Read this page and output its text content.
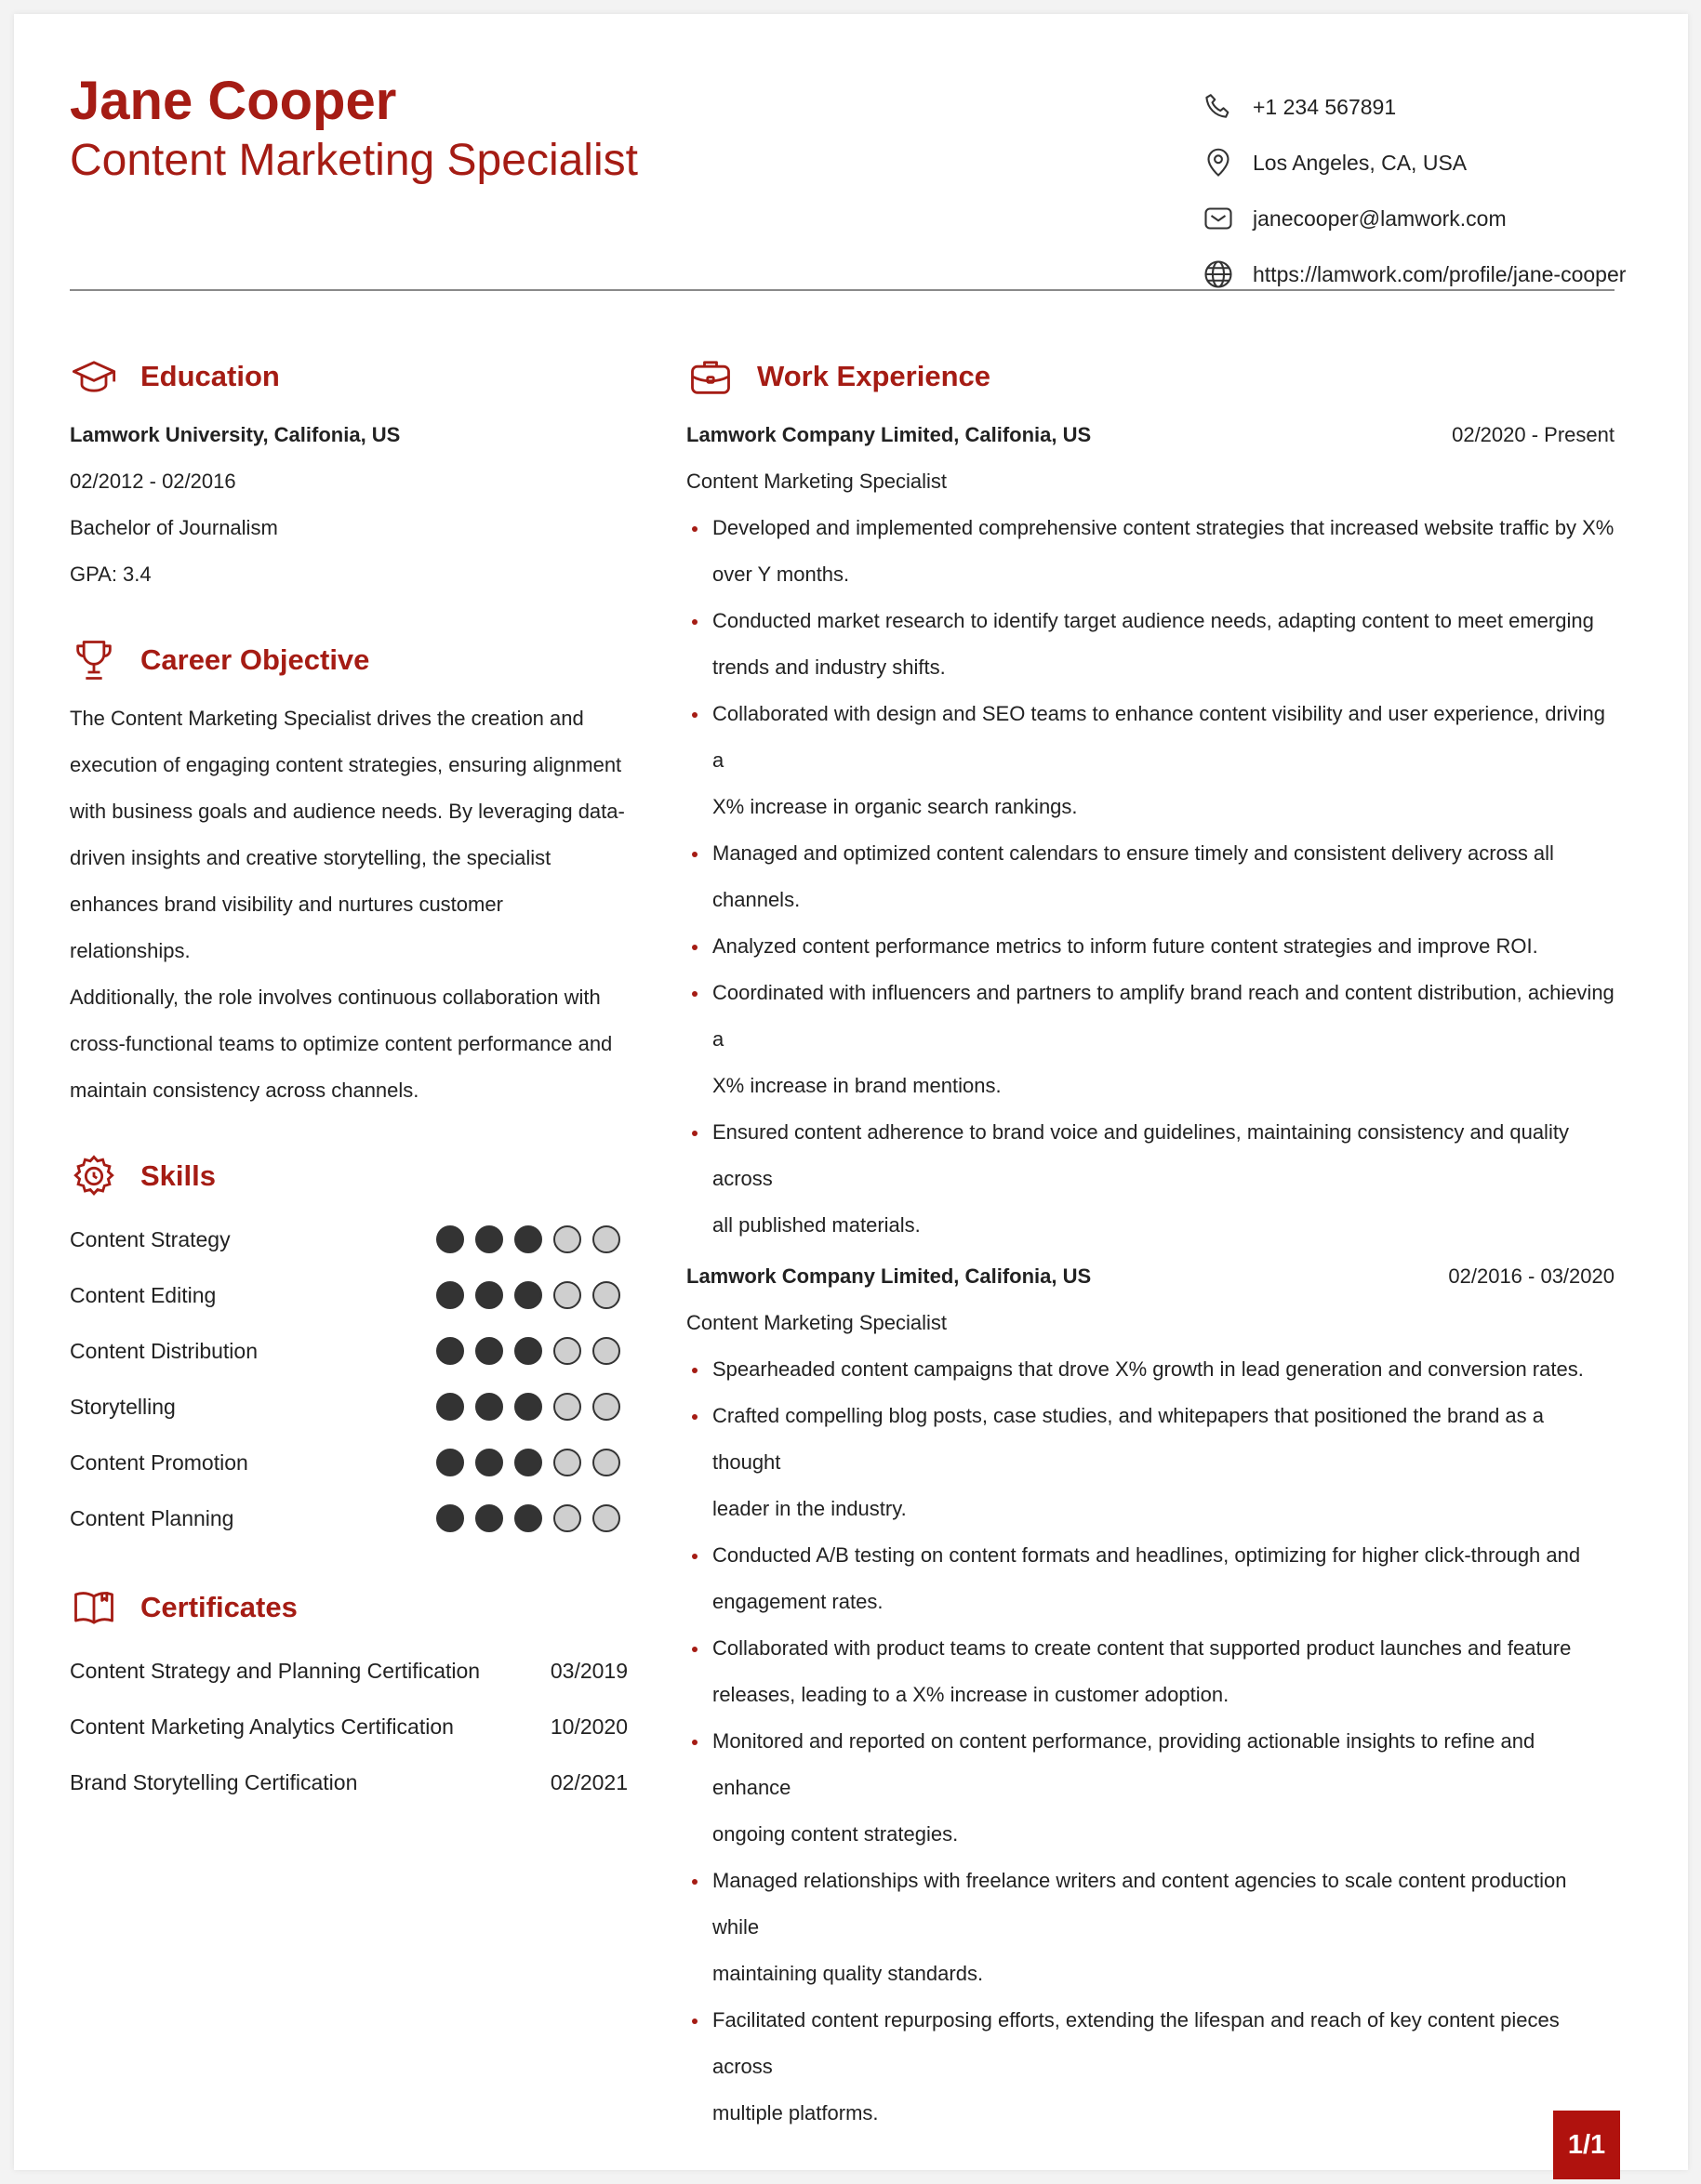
Jane Cooper
Content Marketing Specialist
+1 234 567891
Los Angeles, CA, USA
janecooper@lamwork.com
https://lamwork.com/profile/jane-cooper
Education
Lamwork University, Califonia, US
02/2012 - 02/2016
Bachelor of Journalism
GPA: 3.4
Career Objective
The Content Marketing Specialist drives the creation and
execution of engaging content strategies, ensuring alignment
with business goals and audience needs. By leveraging data-
driven insights and creative storytelling, the specialist
enhances brand visibility and nurtures customer relationships.
Additionally, the role involves continuous collaboration with
cross-functional teams to optimize content performance and
maintain consistency across channels.
Skills
Content Strategy
Content Editing
Content Distribution
Storytelling
Content Promotion
Content Planning
Certificates
Content Strategy and Planning Certification	03/2019
Content Marketing Analytics Certification	10/2020
Brand Storytelling Certification	02/2021
Work Experience
Lamwork Company Limited, Califonia, US	02/2020 - Present
Content Marketing Specialist
Developed and implemented comprehensive content strategies that increased website traffic by X%
over Y months.
Conducted market research to identify target audience needs, adapting content to meet emerging
trends and industry shifts.
Collaborated with design and SEO teams to enhance content visibility and user experience, driving a
X% increase in organic search rankings.
Managed and optimized content calendars to ensure timely and consistent delivery across all
channels.
Analyzed content performance metrics to inform future content strategies and improve ROI.
Coordinated with influencers and partners to amplify brand reach and content distribution, achieving a
X% increase in brand mentions.
Ensured content adherence to brand voice and guidelines, maintaining consistency and quality across
all published materials.
Lamwork Company Limited, Califonia, US	02/2016 - 03/2020
Content Marketing Specialist
Spearheaded content campaigns that drove X% growth in lead generation and conversion rates.
Crafted compelling blog posts, case studies, and whitepapers that positioned the brand as a thought
leader in the industry.
Conducted A/B testing on content formats and headlines, optimizing for higher click-through and
engagement rates.
Collaborated with product teams to create content that supported product launches and feature
releases, leading to a X% increase in customer adoption.
Monitored and reported on content performance, providing actionable insights to refine and enhance
ongoing content strategies.
Managed relationships with freelance writers and content agencies to scale content production while
maintaining quality standards.
Facilitated content repurposing efforts, extending the lifespan and reach of key content pieces across
multiple platforms.
1/1
